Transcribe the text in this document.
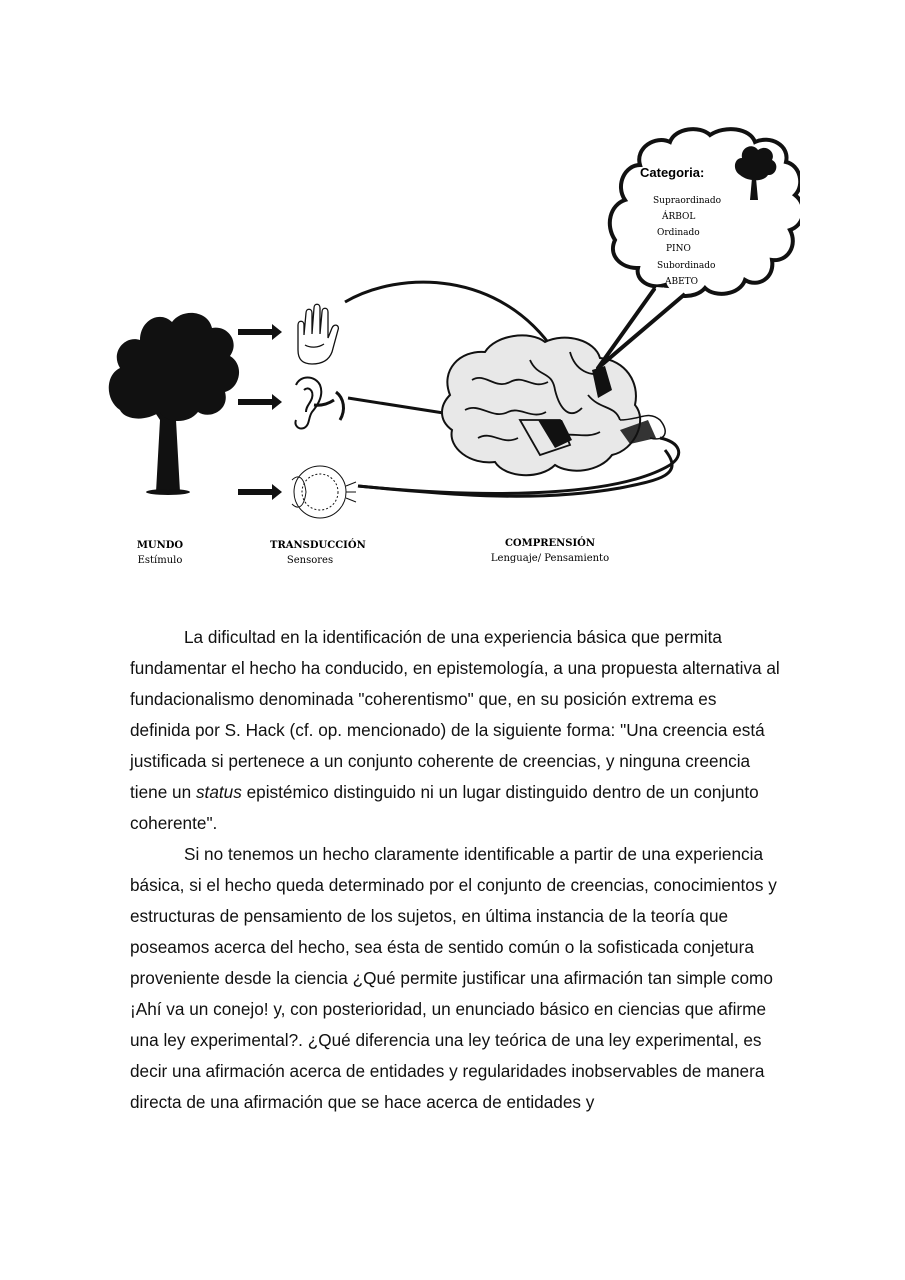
Categoria:
Supraordinado
ÁRBOL
Ordinado
PINO
Subordinado
ABETO
MUNDO
Estímulo
TRANSDUCCIÓN
Sensores
COMPRENSIÓN
Lenguaje/ Pensamiento

La dificultad en la identificación de una experiencia básica que permita fundamentar el hecho ha conducido, en epistemología, a una propuesta alternativa al fundacionalismo denominada "coherentismo" que, en su posición extrema es definida por S. Hack (cf. op. mencionado) de la siguiente forma: "Una creencia está justificada si pertenece a un conjunto coherente de creencias, y ninguna creencia tiene un status epistémico distinguido ni un lugar distinguido dentro de un conjunto coherente".

Si no tenemos un hecho claramente identificable a partir de una experiencia básica, si el hecho queda determinado por el conjunto de creencias, conocimientos y estructuras de pensamiento de los sujetos, en última instancia de la teoría que poseamos acerca del hecho, sea ésta de sentido común o la sofisticada conjetura proveniente desde la ciencia ¿Qué permite justificar una afirmación tan simple como ¡Ahí va un conejo! y, con posterioridad, un enunciado básico en ciencias que afirme una ley experimental?. ¿Qué diferencia una ley teórica de una ley experimental, es decir una afirmación acerca de entidades y regularidades inobservables de manera directa de una afirmación que se hace acerca de entidades y
